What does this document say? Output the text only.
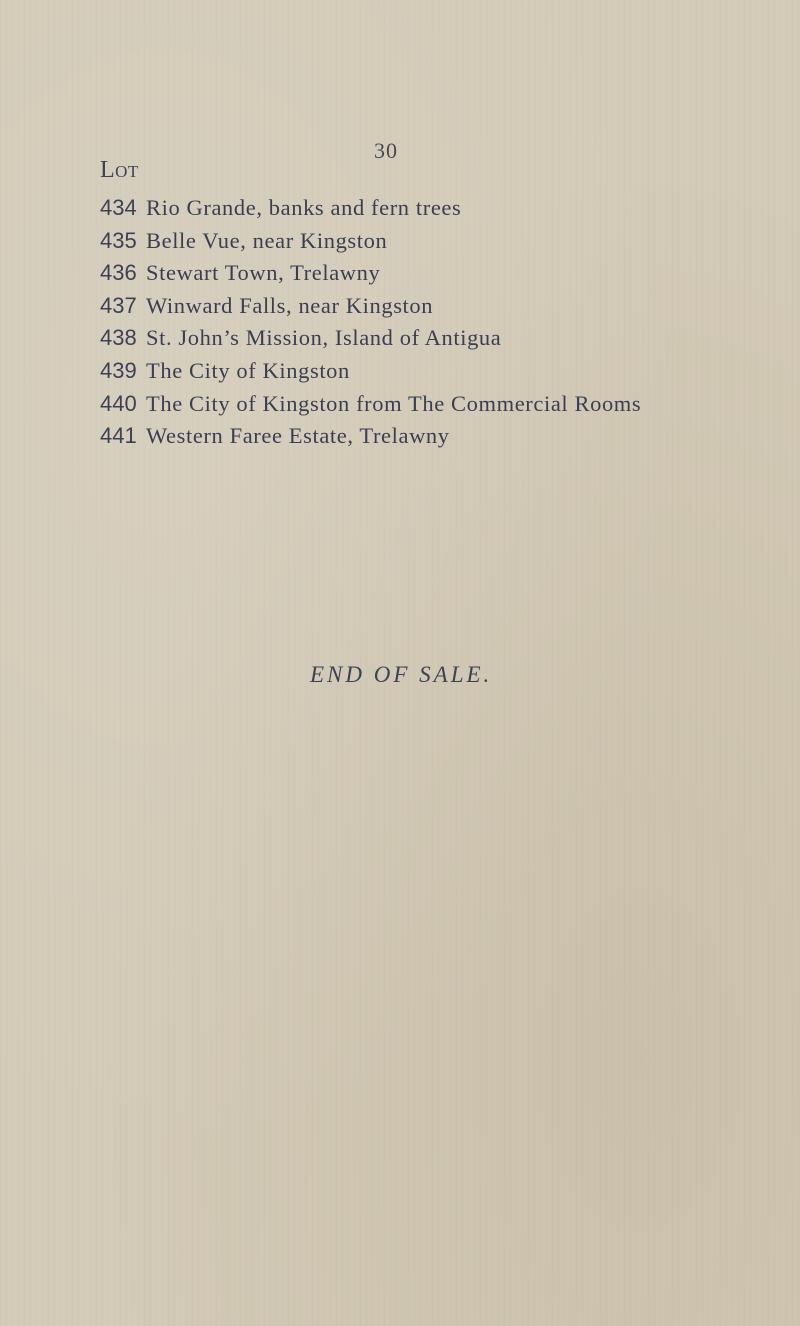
30
Lot
434 Rio Grande, banks and fern trees
435 Belle Vue, near Kingston
436 Stewart Town, Trelawny
437 Winward Falls, near Kingston
438 St. John’s Mission, Island of Antigua
439 The City of Kingston
440 The City of Kingston from The Commercial Rooms
441 Western Faree Estate, Trelawny
END OF SALE.
